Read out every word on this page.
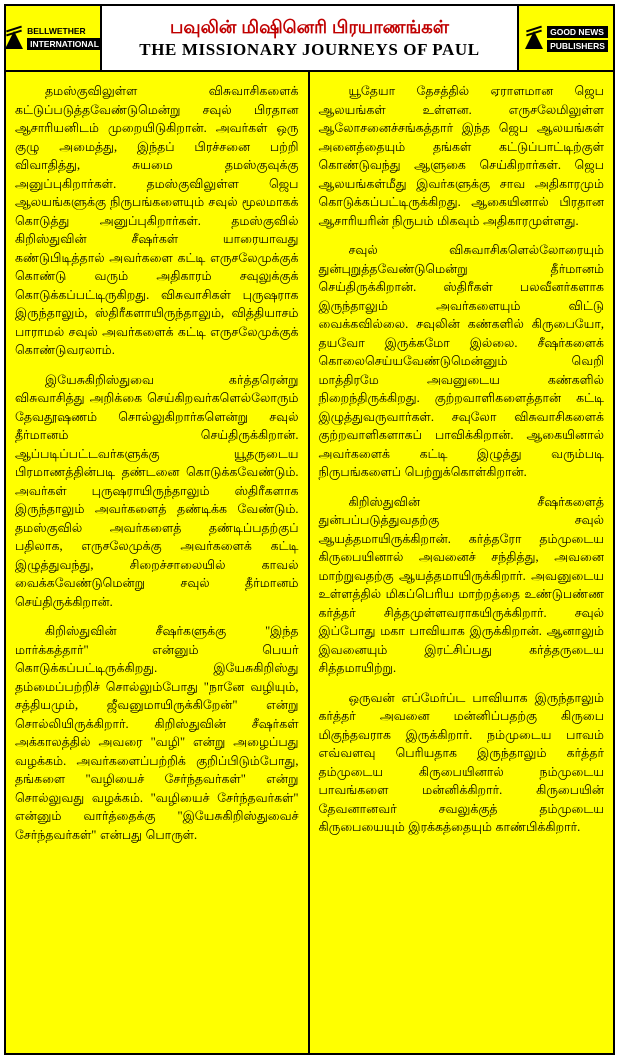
BELLWETHER
INTERNATIONAL
பவுலின் மிஷினெரி பிரயாணங்கள்
THE MISSIONARY JOURNEYS OF PAUL
GOOD NEWS
PUBLISHERS

தமஸ்குவிலுள்ள விசுவாசிகளைக் கட்டுப்படுத்தவேண்டுமென்று சவுல் பிரதான ஆசாரியனிடம் முறையிடுகிறான். அவர்கள் ஒரு குழு அமைத்து, இந்தப் பிரச்சனை பற்றி விவாதித்து, சுயமை தமஸ்குவுக்கு அனுப்புகிறார்கள். தமஸ்குவிலுள்ள ஜெப ஆலயங்களுக்கு நிருபங்களையும் சவுல் மூலமாகக் கொடுத்து அனுப்புகிறார்கள். தமஸ்குவில் கிறிஸ்துவின் சீஷர்கள் யாரையாவது கண்டுபிடித்தால் அவர்களை கட்டி எருசலேமுக்குக் கொண்டு வரும் அதிகாரம் சவுலுக்குக் கொடுக்கப்பட்டிருகிறது. விசுவாசிகள் புருஷராக இருந்தாலும், ஸ்திரீகளாயிருந்தாலும், வித்தியாசம் பாராமல் சவுல் அவர்களைக் கட்டி எருசலேமுக்குக் கொண்டுவரலாம்.

இயேசுகிறிஸ்துவை கர்த்தரென்று விசுவாசித்து அறிக்கை செய்கிறவர்களெல்லோரும் தேவதூஷணம் சொல்லுகிறார்களென்று சவுல் தீர்மானம் செய்திருக்கிறான். ஆப்படிப்பட்டவர்களுக்கு யூதருடைய பிரமாணத்தின்படி தண்டனை கொடுக்கவேண்டும். அவர்கள் புருஷராயிருந்தாலும் ஸ்திரீகளாக இருந்தாலும் அவர்களைத் தண்டிக்க வேண்டும். தமஸ்குவில் அவர்களைத் தண்டிப்பதற்குப் பதிலாக, எருசலேமுக்கு அவர்களைக் கட்டி இழுத்துவந்து, சிறைச்சாலையில் காவல் வைக்கவேண்டுமென்று சவுல் தீர்மானம் செய்திருக்கிறான்.

கிறிஸ்துவின் சீஷர்களுக்கு "இந்த மார்க்கத்தார்" என்னும் பெயர் கொடுக்கப்பட்டிருக்கிறது. இயேசுகிறிஸ்து தம்மைப்பற்றிச் சொல்லும்போது "நானே வழியும், சத்தியமும், ஜீவனுமாயிருக்கிறேன்" என்று சொல்லியிருக்கிறார். கிறிஸ்துவின் சீஷர்கள் அக்காலத்தில் அவரை "வழி" என்று அழைப்பது வழக்கம். அவர்களைப்பற்றிக் குறிப்பிடும்போது, தங்களை "வழியைச் சேர்ந்தவர்கள்" என்று சொல்லுவது வழக்கம். "வழியைச் சேர்ந்தவர்கள்" என்னும் வார்த்தைக்கு "இயேசுகிறிஸ்துவைச் சேர்ந்தவர்கள்" என்பது பொருள்.

யூதேயா தேசத்தில் ஏராளமான ஜெப ஆலயங்கள் உள்ளன. எருசலேமிலுள்ள ஆலோசனைச்சங்கத்தார் இந்த ஜெப ஆலயங்கள் அனைத்தையும் தங்கள் கட்டுப்பாட்டிற்குள் கொண்டுவந்து ஆளுகை செய்கிறார்கள். ஜெப ஆலயங்கள்மீது இவர்களுக்கு சாவ அதிகாரமும் கொடுக்கப்பட்டிருக்கிறது. ஆகையினால் பிரதான ஆசாரியரின் நிருபம் மிகவும் அதிகாரமுள்ளது.

சவுல் விசுவாசிகளெல்லோரையும் துன்புறுத்தவேண்டுமென்று தீர்மானம் செய்திருக்கிறான். ஸ்திரீகள் பலவீனர்களாக இருந்தாலும் அவர்களையும் விட்டு வைக்கவில்லை. சவுலின் கண்களில் கிருபையோ, தயவோ இருக்கமோ இல்லை. சீஷர்களைக் கொலைசெய்யவேண்டுமென்னும் வெறி மாத்திரமே அவனுடைய கண்களில் நிறைந்திருக்கிறது. குற்றவாளிகளைத்தான் கட்டி இழுத்துவருவார்கள். சவுலோ விசுவாசிகளைக் குற்றவாளிகளாகப் பாவிக்கிறான். ஆகையினால் அவர்களைக் கட்டி இழுத்து வரும்படி நிருபங்களைப் பெற்றுக்கொள்கிறான்.

கிறிஸ்துவின் சீஷர்களைத் துன்பப்படுத்துவதற்கு சவுல் ஆயத்தமாயிருக்கிறான். கர்த்தரோ தம்முடைய கிருபையினால் அவனைச் சந்தித்து, அவனை மாற்றுவதற்கு ஆயத்தமாயிருக்கிறார். அவனுடைய உள்ளத்தில் மிகப்பெரிய மாற்றத்தை உண்டுபண்ண கர்த்தர் சித்தமுள்ளவராகயிருக்கிறார். சவுல் இப்போது மகா பாவியாக இருக்கிறான். ஆனாலும் இவனையும் இரட்சிப்பது கர்த்தருடைய சித்தமாயிற்று.

ஒருவன் எப்மேர்ப்ட பாவியாக இருந்தாலும் கர்த்தர் அவனை மன்னிப்பதற்கு கிருபை மிகுந்தவராக இருக்கிறார். நம்முடைய பாவம் எவ்வளவு பெரியதாக இருந்தாலும் கர்த்தர் தம்முடைய கிருபையினால் நம்முடைய பாவங்களை மன்னிக்கிறார். கிருபையின் தேவனானவர் சவலுக்குத் தம்முடைய கிருபையையும் இரக்கத்தையும் காண்பிக்கிறார்.
